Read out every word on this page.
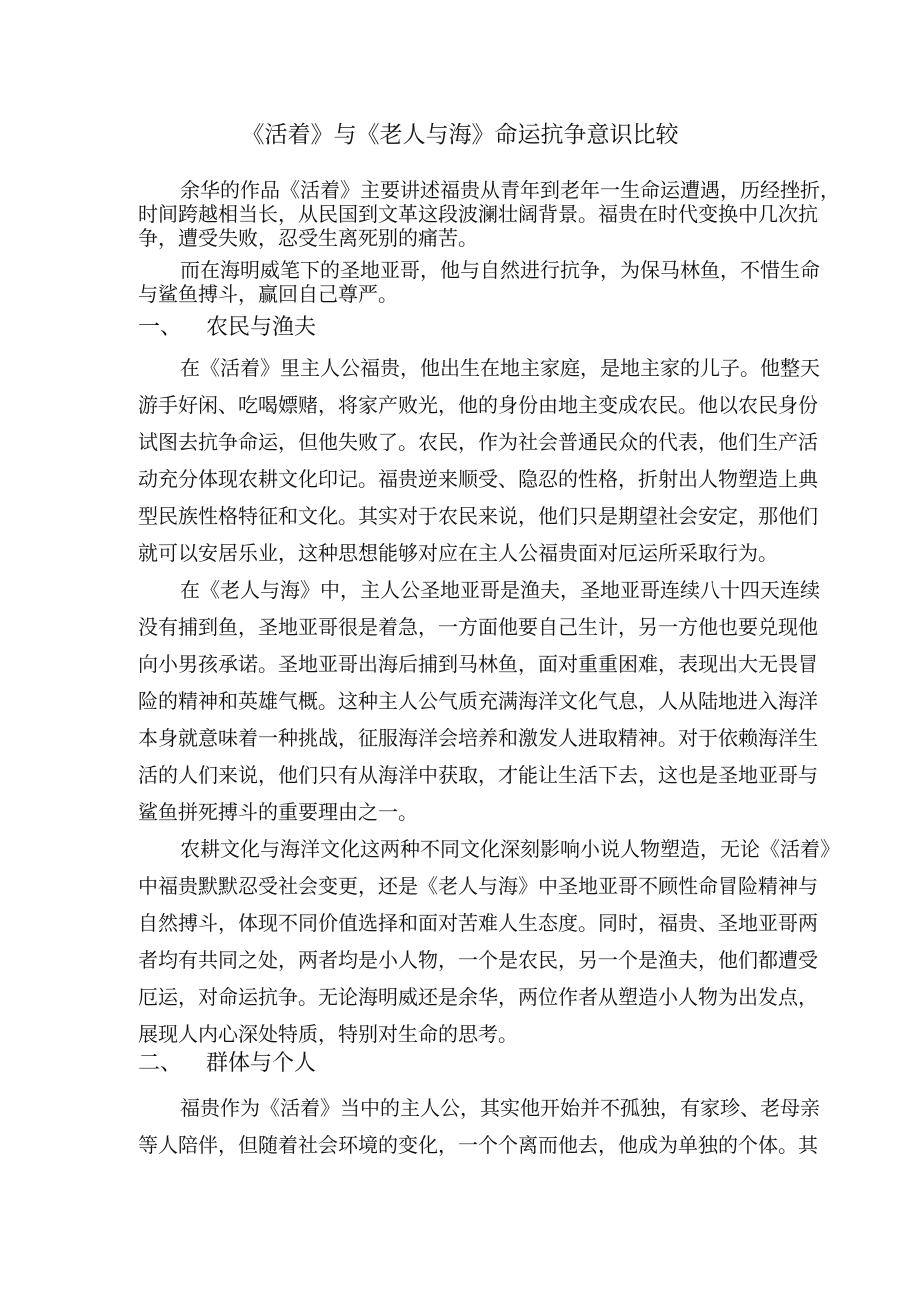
《活着》与《老人与海》命运抗争意识比较
余华的作品《活着》主要讲述福贵从青年到老年一生命运遭遇，历经挫折，
时间跨越相当长，从民国到文革这段波澜壮阔背景。福贵在时代变换中几次抗
争，遭受失败，忍受生离死别的痛苦。
而在海明威笔下的圣地亚哥，他与自然进行抗争，为保马林鱼，不惜生命
与鲨鱼搏斗，赢回自己尊严。
一、	农民与渔夫
在《活着》里主人公福贵，他出生在地主家庭，是地主家的儿子。他整天
游手好闲、吃喝嫖赌，将家产败光，他的身份由地主变成农民。他以农民身份
试图去抗争命运，但他失败了。农民，作为社会普通民众的代表，他们生产活
动充分体现农耕文化印记。福贵逆来顺受、隐忍的性格，折射出人物塑造上典
型民族性格特征和文化。其实对于农民来说，他们只是期望社会安定，那他们
就可以安居乐业，这种思想能够对应在主人公福贵面对厄运所采取行为。
在《老人与海》中，主人公圣地亚哥是渔夫，圣地亚哥连续八十四天连续
没有捕到鱼，圣地亚哥很是着急，一方面他要自己生计，另一方他也要兑现他
向小男孩承诺。圣地亚哥出海后捕到马林鱼，面对重重困难，表现出大无畏冒
险的精神和英雄气概。这种主人公气质充满海洋文化气息，人从陆地进入海洋
本身就意味着一种挑战，征服海洋会培养和激发人进取精神。对于依赖海洋生
活的人们来说，他们只有从海洋中获取，才能让生活下去，这也是圣地亚哥与
鲨鱼拼死搏斗的重要理由之一。
农耕文化与海洋文化这两种不同文化深刻影响小说人物塑造，无论《活着》
中福贵默默忍受社会变更，还是《老人与海》中圣地亚哥不顾性命冒险精神与
自然搏斗，体现不同价值选择和面对苦难人生态度。同时，福贵、圣地亚哥两
者均有共同之处，两者均是小人物，一个是农民，另一个是渔夫，他们都遭受
厄运，对命运抗争。无论海明威还是余华，两位作者从塑造小人物为出发点，
展现人内心深处特质，特别对生命的思考。
二、	群体与个人
福贵作为《活着》当中的主人公，其实他开始并不孤独，有家珍、老母亲
等人陪伴，但随着社会环境的变化，一个个离而他去，他成为单独的个体。其
